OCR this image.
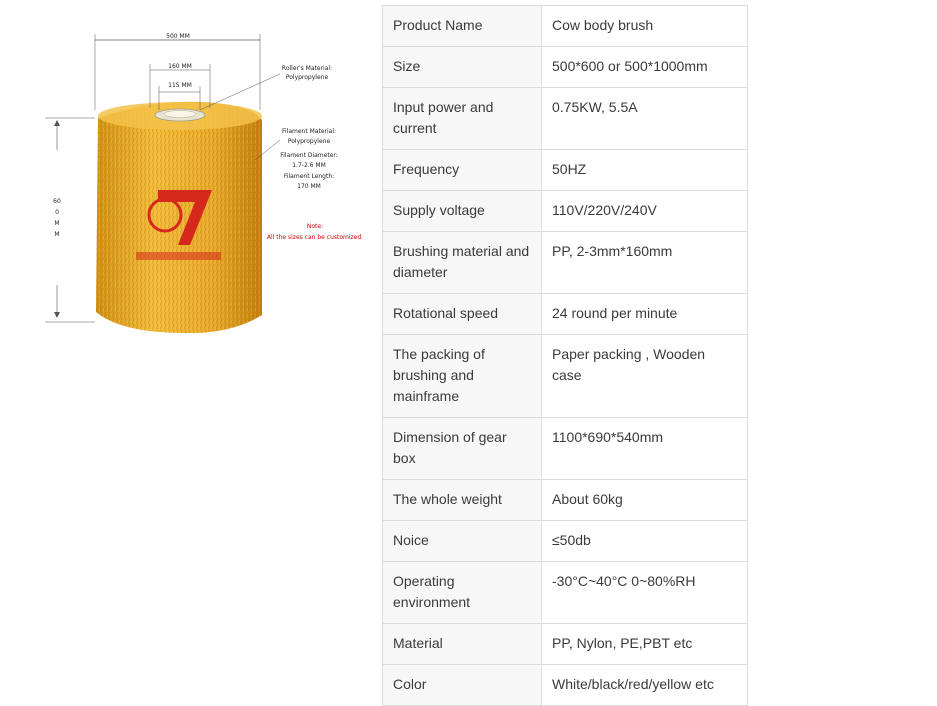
500 MM
160 MM
115 MM
600MM
Roller's Material:
Polypropylene
Filament Material:
Polypropylene
Filament Diameter:
1.7-2.6 MM
Filament Length:
170 MM
Note:
All the sizes can be customized.
Product Name	Cow body brush
Size	500*600 or 500*1000mm
Input power and current	0.75KW, 5.5A
Frequency	50HZ
Supply voltage	110V/220V/240V
Brushing material and diameter	PP, 2-3mm*160mm
Rotational speed	24 round per minute
The packing of brushing and mainframe	Paper packing , Wooden case
Dimension of gear box	1100*690*540mm
The whole weight	About 60kg
Noice	≤50db
Operating environment	-30°C~40°C 0~80%RH
Material	PP, Nylon, PE,PBT etc
Color	White/black/red/yellow etc
